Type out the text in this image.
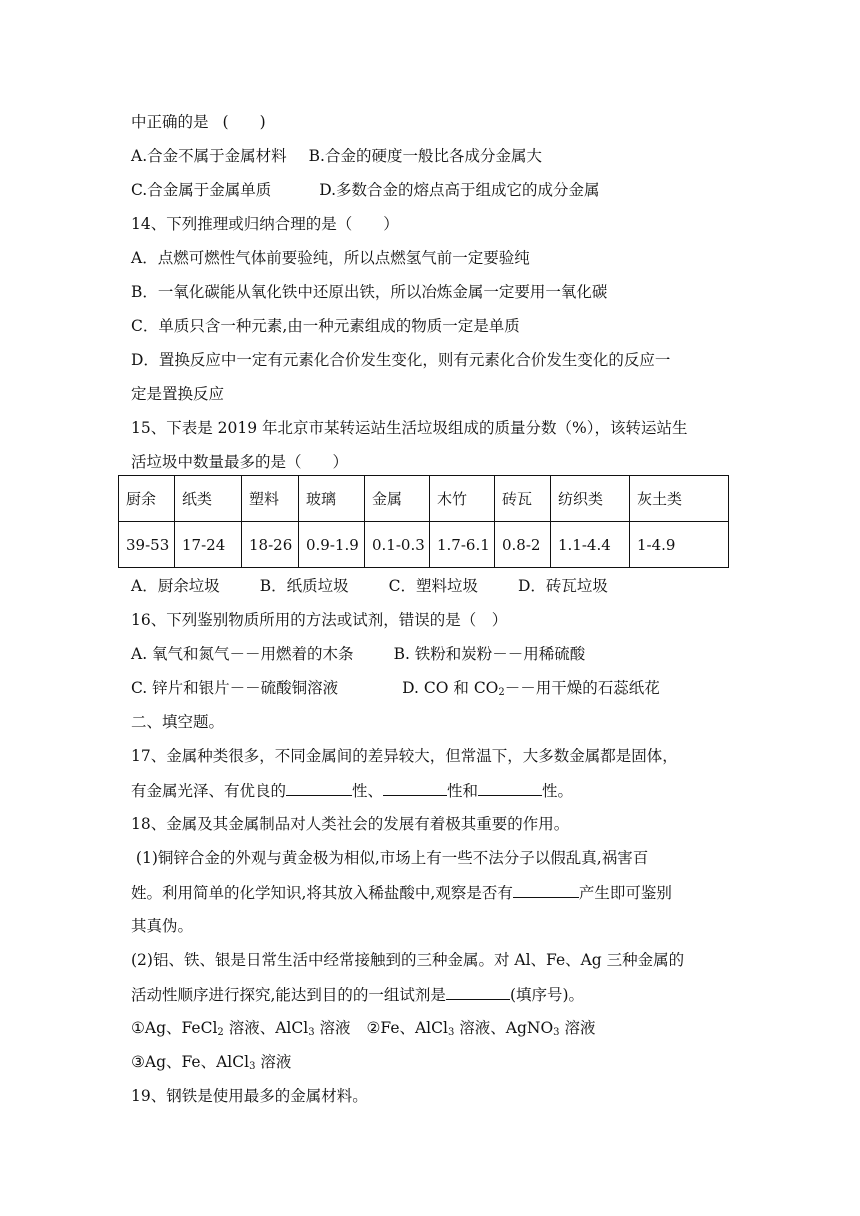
中正确的是 (　　)
A.合金不属于金属材料 B.合金的硬度一般比各成分金属大
C.合金属于金属单质	D.多数合金的熔点高于组成它的成分金属
14、下列推理或归纳合理的是（　　）
A．点燃可燃性气体前要验纯，所以点燃氢气前一定要验纯
B．一氧化碳能从氧化铁中还原出铁，所以冶炼金属一定要用一氧化碳
C．单质只含一种元素,由一种元素组成的物质一定是单质
D．置换反应中一定有元素化合价发生变化，则有元素化合价发生变化的反应一
定是置换反应
15、下表是 2019 年北京市某转运站生活垃圾组成的质量分数（%），该转运站生
活垃圾中数量最多的是（　　）
厨余	纸类	塑料	玻璃	金属	木竹	砖瓦	纺织类	灰土类
39-53	17-24	18-26	0.9-1.9	0.1-0.3	1.7-6.1	0.8-2	1.1-4.4	1-4.9
A．厨余垃圾	B．纸质垃圾	C．塑料垃圾	D．砖瓦垃圾
16、下列鉴别物质所用的方法或试剂，错误的是（　）
A. 氧气和氮气－－用燃着的木条	B. 铁粉和炭粉－－用稀硫酸
C. 锌片和银片－－硫酸铜溶液	D. CO 和 $CO_2--$用干燥的石蕊纸花
二、填空题。
17、金属种类很多，不同金属间的差异较大，但常温下，大多数金属都是固体，
有金属光泽、有优良的	性、	性和	性。
18、金属及其金属制品对人类社会的发展有着极其重要的作用。
(1)铜锌合金的外观与黄金极为相似,市场上有一些不法分子以假乱真,祸害百
姓。利用简单的化学知识,将其放入稀盐酸中,观察是否有	产生即可鉴别
其真伪。
(2)铝、铁、银是日常生活中经常接触到的三种金属。对 Al、Fe、Ag 三种金属的
活动性顺序进行探究,能达到目的的一组试剂是	(填序号)。
①Ag、FeCl$_2$ 溶液、AlCl$_3$ 溶液 ②Fe、AlCl$_3$ 溶液、AgNO$_3$ 溶液
③Ag、Fe、AlCl$_3$ 溶液
19、钢铁是使用最多的金属材料。
